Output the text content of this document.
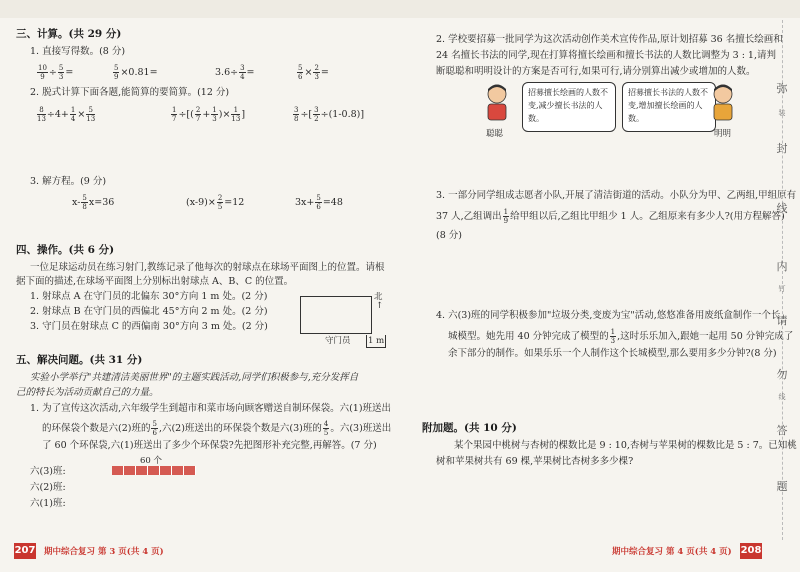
三、计算。(共 29 分)
1. 直接写得数。(8 分)
$\frac{10}{9} \div \frac{5}{3}$ =	$\frac{5}{9} \times 0.81=$	$3.6\div \frac{3}{4}$ =	$\frac{5}{6} \times \frac{2}{3}$ =
2. 脱式计算下面各题,能简算的要简算。(12 分)
$\frac{8}{13} \div 4+ \frac{1}{4} \times \frac{5}{13}$	$\frac{1}{7}$ ÷[( $\frac{2}{7} + \frac{1}{3}$ )× $\frac{1}{13}$ ]	$\frac{3}{8}$ ÷[ $\frac{3}{2} \div(1-0.8)$]
3. 解方程。(9 分)
$x- \frac{5}{8} x=36$	$(x-9)\times \frac{2}{5} =12$	$3x+ \frac{5}{6} =48$
四、操作。(共 6 分)
一位足球运动员在练习射门,教练记录了他每次的射球点在球场平面图上的位置。请根
据下面的描述,在球场平面图上分别标出射球点 A、B、C 的位置。
1. 射球点 A 在守门员的北偏东 30°方向 1 m 处。(2 分)
2. 射球点 B 在守门员的西偏北 45°方向 2 m 处。(2 分)
3. 守门员在射球点 C 的西偏南 30°方向 3 m 处。(2 分)
北
↑
守门员 1 m
五、解决问题。(共 31 分)
实验小学举行"共建清洁美丽世界"的主题实践活动,同学们积极参与,充分发挥自
己的特长为活动贡献自己的力量。
1. 为了宣传这次活动,六年级学生到超市和菜市场向顾客赠送自制环保袋。六(1)班送出
的环保袋个数是六(2)班的 $\frac{5}{6}$ ,六(2)班送出的环保袋个数是六(3)班的 $\frac{4}{5}$ 。六(3)班送出
了 60 个环保袋,六(1)班送出了多少个环保袋?先把图形补充完整,再解答。(7 分)
60 个
六(3)班:
六(2)班:
六(1)班:
207 期中综合复习 第 3 页(共 4 页)
2. 学校要招募一批同学为这次活动创作美术宣传作品,原计划招募 36 名擅长绘画和
24 名擅长书法的同学,现在打算将擅长绘画和擅长书法的人数比调整为 3 : 1,请判
断聪聪和明明设计的方案是否可行,如果可行,请分别算出减少或增加的人数。
招募擅长绘画的人数不变,减少擅长书法的人数。
聪聪
招募擅长书法的人数不变,增加擅长绘画的人数。
明明
3. 一部分同学组成志愿者小队,开展了清洁街道的活动。小队分为甲、乙两组,甲组原有
37 人,乙组调出 $\frac{1}{9}$ 给甲组以后,乙组比甲组少 1 人。乙组原来有多少人?(用方程解答)
(8 分)
4. 六(3)班的同学积极参加"垃圾分类,变废为宝"活动,悠悠准备用废纸盒制作一个长
城模型。她先用 40 分钟完成了模型的 $\frac{1}{3}$ ,这时乐乐加入,跟她一起用 50 分钟完成了
余下部分的制作。如果乐乐一个人制作这个长城模型,那么要用多少分钟?(8 分)
附加题。(共 10 分)
某个果园中桃树与杏树的棵数比是 9 : 10,杏树与苹果树的棵数比是 5 : 7。已知桃
树和苹果树共有 69 棵,苹果树比杏树多多少棵?
期中综合复习 第 4 页(共 4 页) 208
弥
装
封
线
内
钉
请
勿
线
答
题
